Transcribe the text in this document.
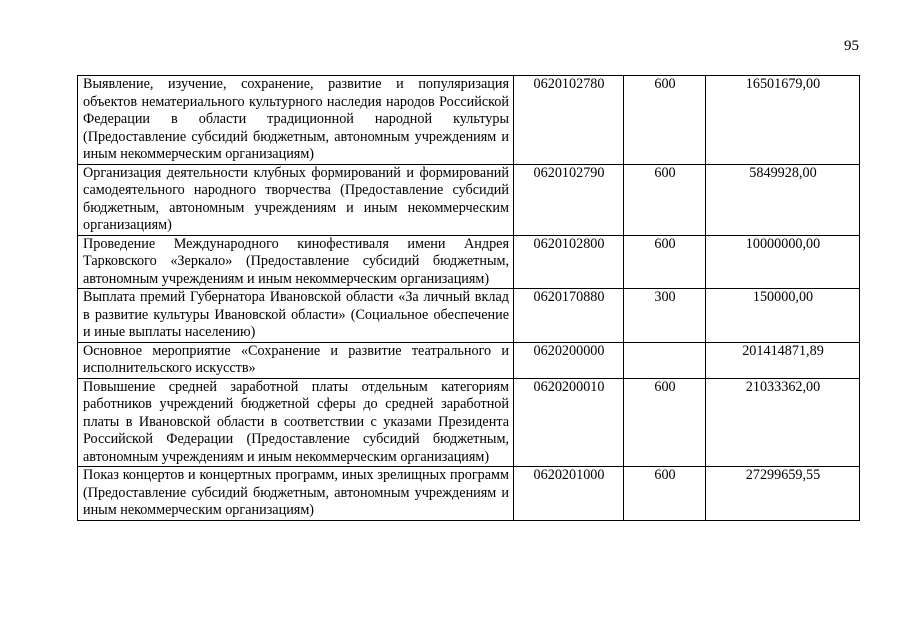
95
Выявление, изучение, сохранение, развитие и популяризация объектов нематериального культурного наследия народов Российской Федерации в области традиционной народной культуры (Предоставление субсидий бюджетным, автономным учреждениям и иным некоммерческим организациям)	0620102780	600	16501679,00
Организация деятельности клубных формирований и формирований самодеятельного народного творчества (Предоставление субсидий бюджетным, автономным учреждениям и иным некоммерческим организациям)	0620102790	600	5849928,00
Проведение Международного кинофестиваля имени Андрея Тарковского «Зеркало» (Предоставление субсидий бюджетным, автономным учреждениям и иным некоммерческим организациям)	0620102800	600	10000000,00
Выплата премий Губернатора Ивановской области «За личный вклад в развитие культуры Ивановской области» (Социальное обеспечение и иные выплаты населению)	0620170880	300	150000,00
Основное мероприятие «Сохранение и развитие театрального и исполнительского искусств»	0620200000		201414871,89
Повышение средней заработной платы отдельным категориям работников учреждений бюджетной сферы до средней заработной платы в Ивановской области в соответствии с указами Президента Российской Федерации (Предоставление субсидий бюджетным, автономным учреждениям и иным некоммерческим организациям)	0620200010	600	21033362,00
Показ концертов и концертных программ, иных зрелищных программ (Предоставление субсидий бюджетным, автономным учреждениям и иным некоммерческим организациям)	0620201000	600	27299659,55
